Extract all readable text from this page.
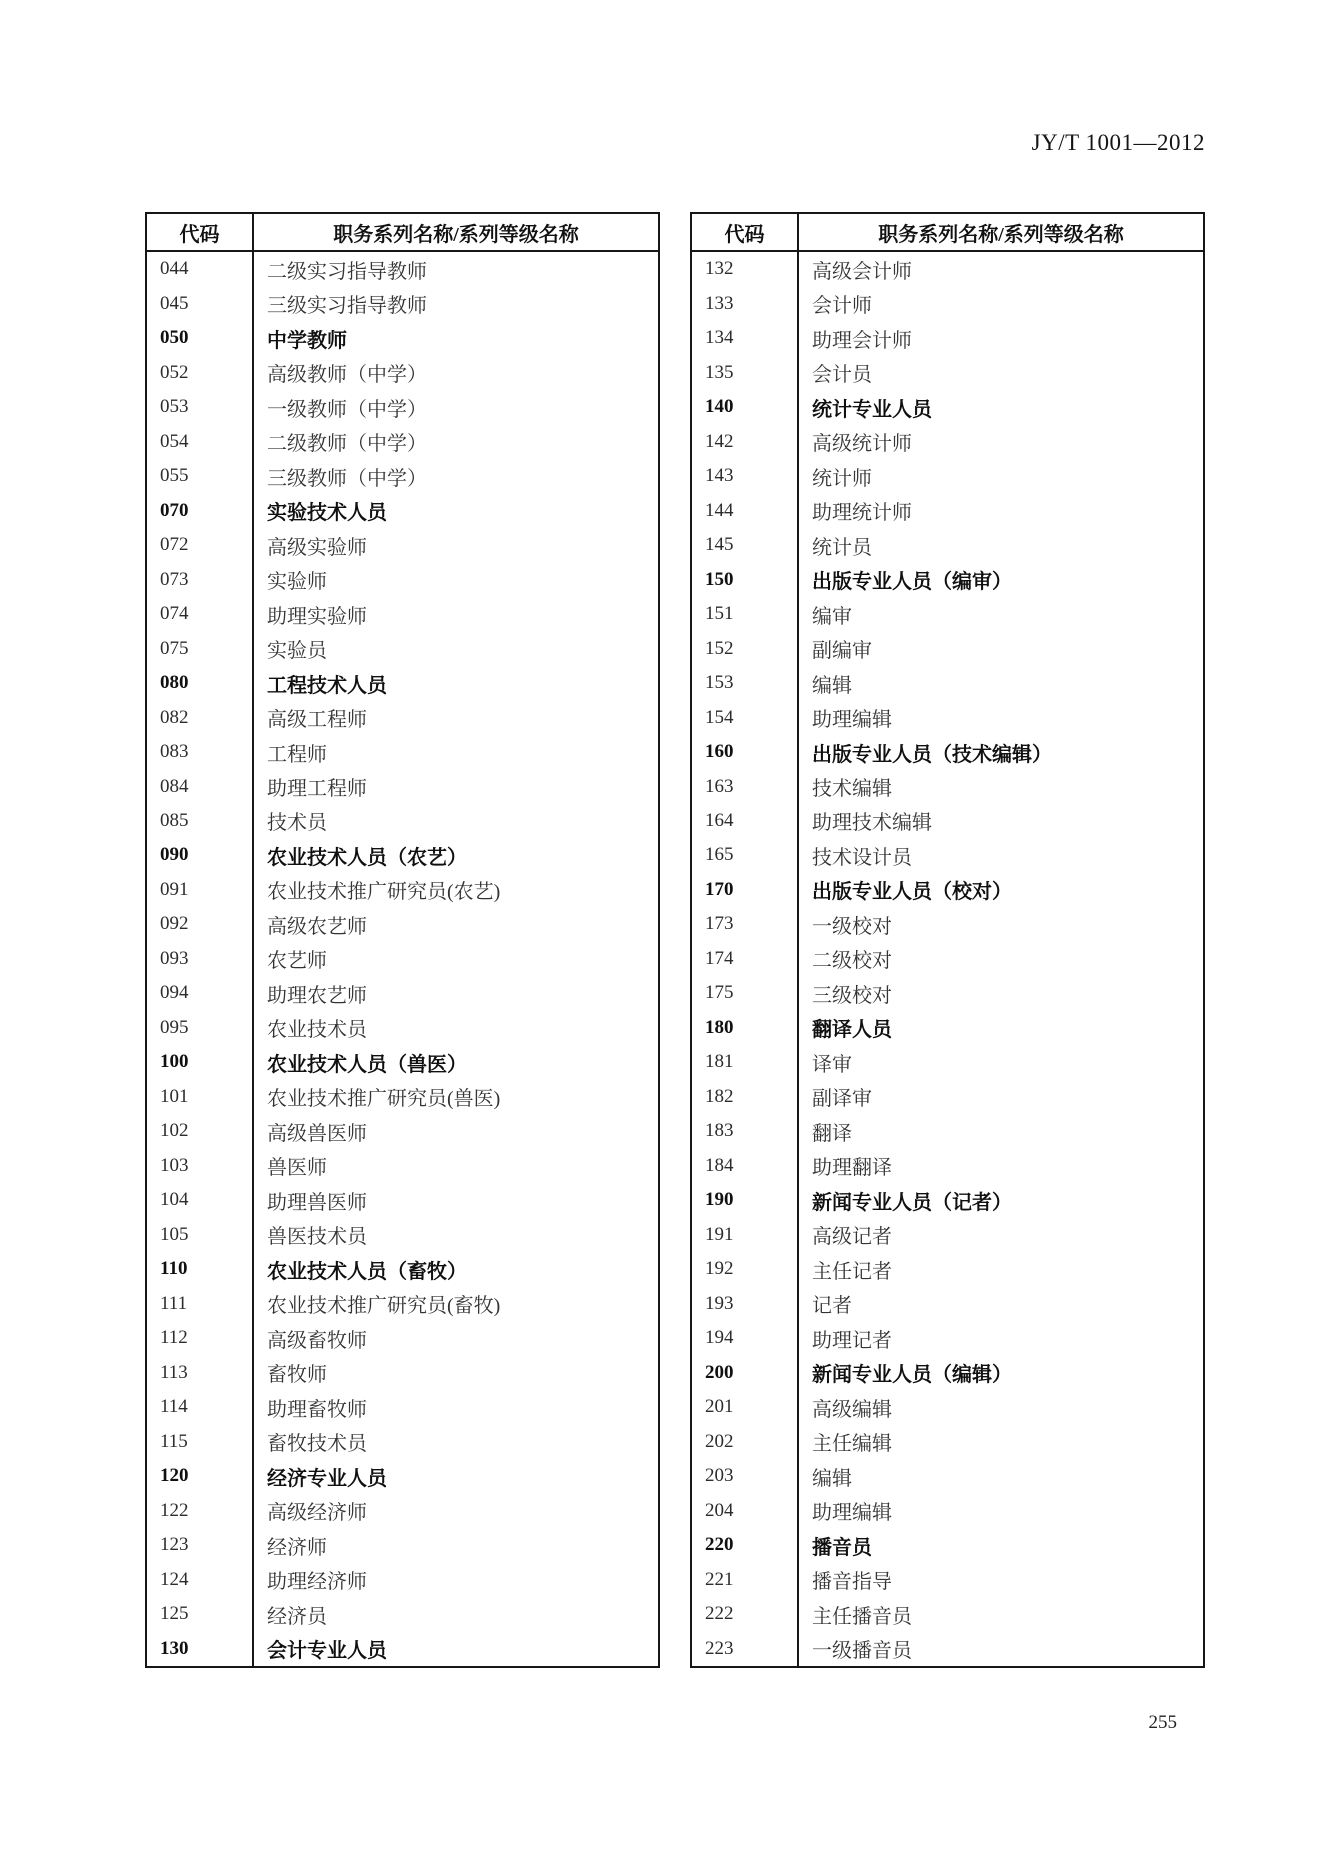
JY/T 1001—2012
代码	职务系列名称/系列等级名称
044	二级实习指导教师
045	三级实习指导教师
050	中学教师
052	高级教师（中学）
053	一级教师（中学）
054	二级教师（中学）
055	三级教师（中学）
070	实验技术人员
072	高级实验师
073	实验师
074	助理实验师
075	实验员
080	工程技术人员
082	高级工程师
083	工程师
084	助理工程师
085	技术员
090	农业技术人员（农艺）
091	农业技术推广研究员(农艺)
092	高级农艺师
093	农艺师
094	助理农艺师
095	农业技术员
100	农业技术人员（兽医）
101	农业技术推广研究员(兽医)
102	高级兽医师
103	兽医师
104	助理兽医师
105	兽医技术员
110	农业技术人员（畜牧）
111	农业技术推广研究员(畜牧)
112	高级畜牧师
113	畜牧师
114	助理畜牧师
115	畜牧技术员
120	经济专业人员
122	高级经济师
123	经济师
124	助理经济师
125	经济员
130	会计专业人员
代码	职务系列名称/系列等级名称
132	高级会计师
133	会计师
134	助理会计师
135	会计员
140	统计专业人员
142	高级统计师
143	统计师
144	助理统计师
145	统计员
150	出版专业人员（编审）
151	编审
152	副编审
153	编辑
154	助理编辑
160	出版专业人员（技术编辑）
163	技术编辑
164	助理技术编辑
165	技术设计员
170	出版专业人员（校对）
173	一级校对
174	二级校对
175	三级校对
180	翻译人员
181	译审
182	副译审
183	翻译
184	助理翻译
190	新闻专业人员（记者）
191	高级记者
192	主任记者
193	记者
194	助理记者
200	新闻专业人员（编辑）
201	高级编辑
202	主任编辑
203	编辑
204	助理编辑
220	播音员
221	播音指导
222	主任播音员
223	一级播音员
255
